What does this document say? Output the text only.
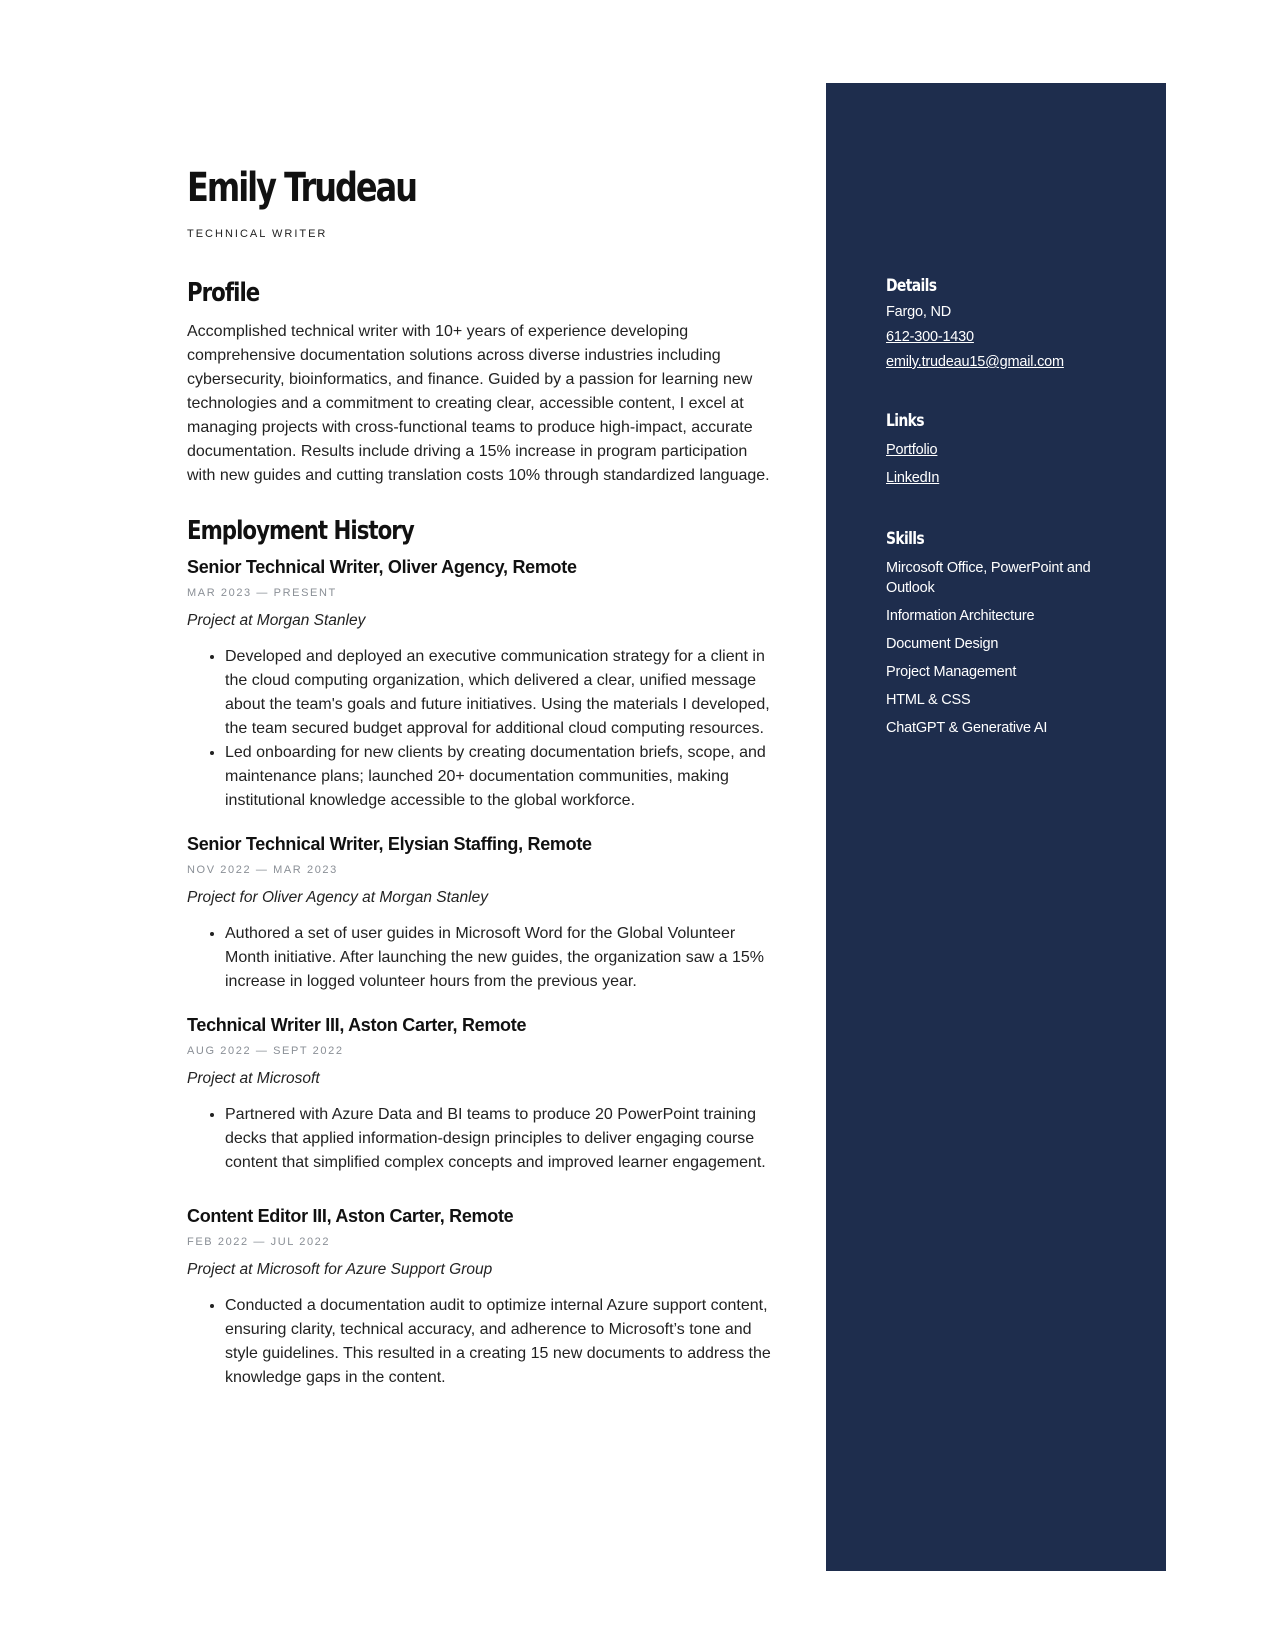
Emily Trudeau
TECHNICAL WRITER
Profile
Accomplished technical writer with 10+ years of experience developing comprehensive documentation solutions across diverse industries including cybersecurity, bioinformatics, and finance. Guided by a passion for learning new technologies and a commitment to creating clear, accessible content, I excel at managing projects with cross-functional teams to produce high-impact, accurate documentation. Results include driving a 15% increase in program participation with new guides and cutting translation costs 10% through standardized language.
Employment History
Senior Technical Writer, Oliver Agency, Remote
MAR 2023 — PRESENT
Project at Morgan Stanley
• Developed and deployed an executive communication strategy for a client in the cloud computing organization, which delivered a clear, unified message about the team's goals and future initiatives. Using the materials I developed, the team secured budget approval for additional cloud computing resources.
• Led onboarding for new clients by creating documentation briefs, scope, and maintenance plans; launched 20+ documentation communities, making institutional knowledge accessible to the global workforce.
Senior Technical Writer, Elysian Staffing, Remote
NOV 2022 — MAR 2023
Project for Oliver Agency at Morgan Stanley
• Authored a set of user guides in Microsoft Word for the Global Volunteer Month initiative. After launching the new guides, the organization saw a 15% increase in logged volunteer hours from the previous year.
Technical Writer III, Aston Carter, Remote
AUG 2022 — SEPT 2022
Project at Microsoft
• Partnered with Azure Data and BI teams to produce 20 PowerPoint training decks that applied information-design principles to deliver engaging course content that simplified complex concepts and improved learner engagement.
Content Editor III, Aston Carter, Remote
FEB 2022 — JUL 2022
Project at Microsoft for Azure Support Group
• Conducted a documentation audit to optimize internal Azure support content, ensuring clarity, technical accuracy, and adherence to Microsoft’s tone and style guidelines. This resulted in a creating 15 new documents to address the knowledge gaps in the content.
Details
Fargo, ND
612-300-1430
emily.trudeau15@gmail.com
Links
Portfolio
LinkedIn
Skills
Mircosoft Office, PowerPoint and Outlook
Information Architecture
Document Design
Project Management
HTML & CSS
ChatGPT & Generative AI
